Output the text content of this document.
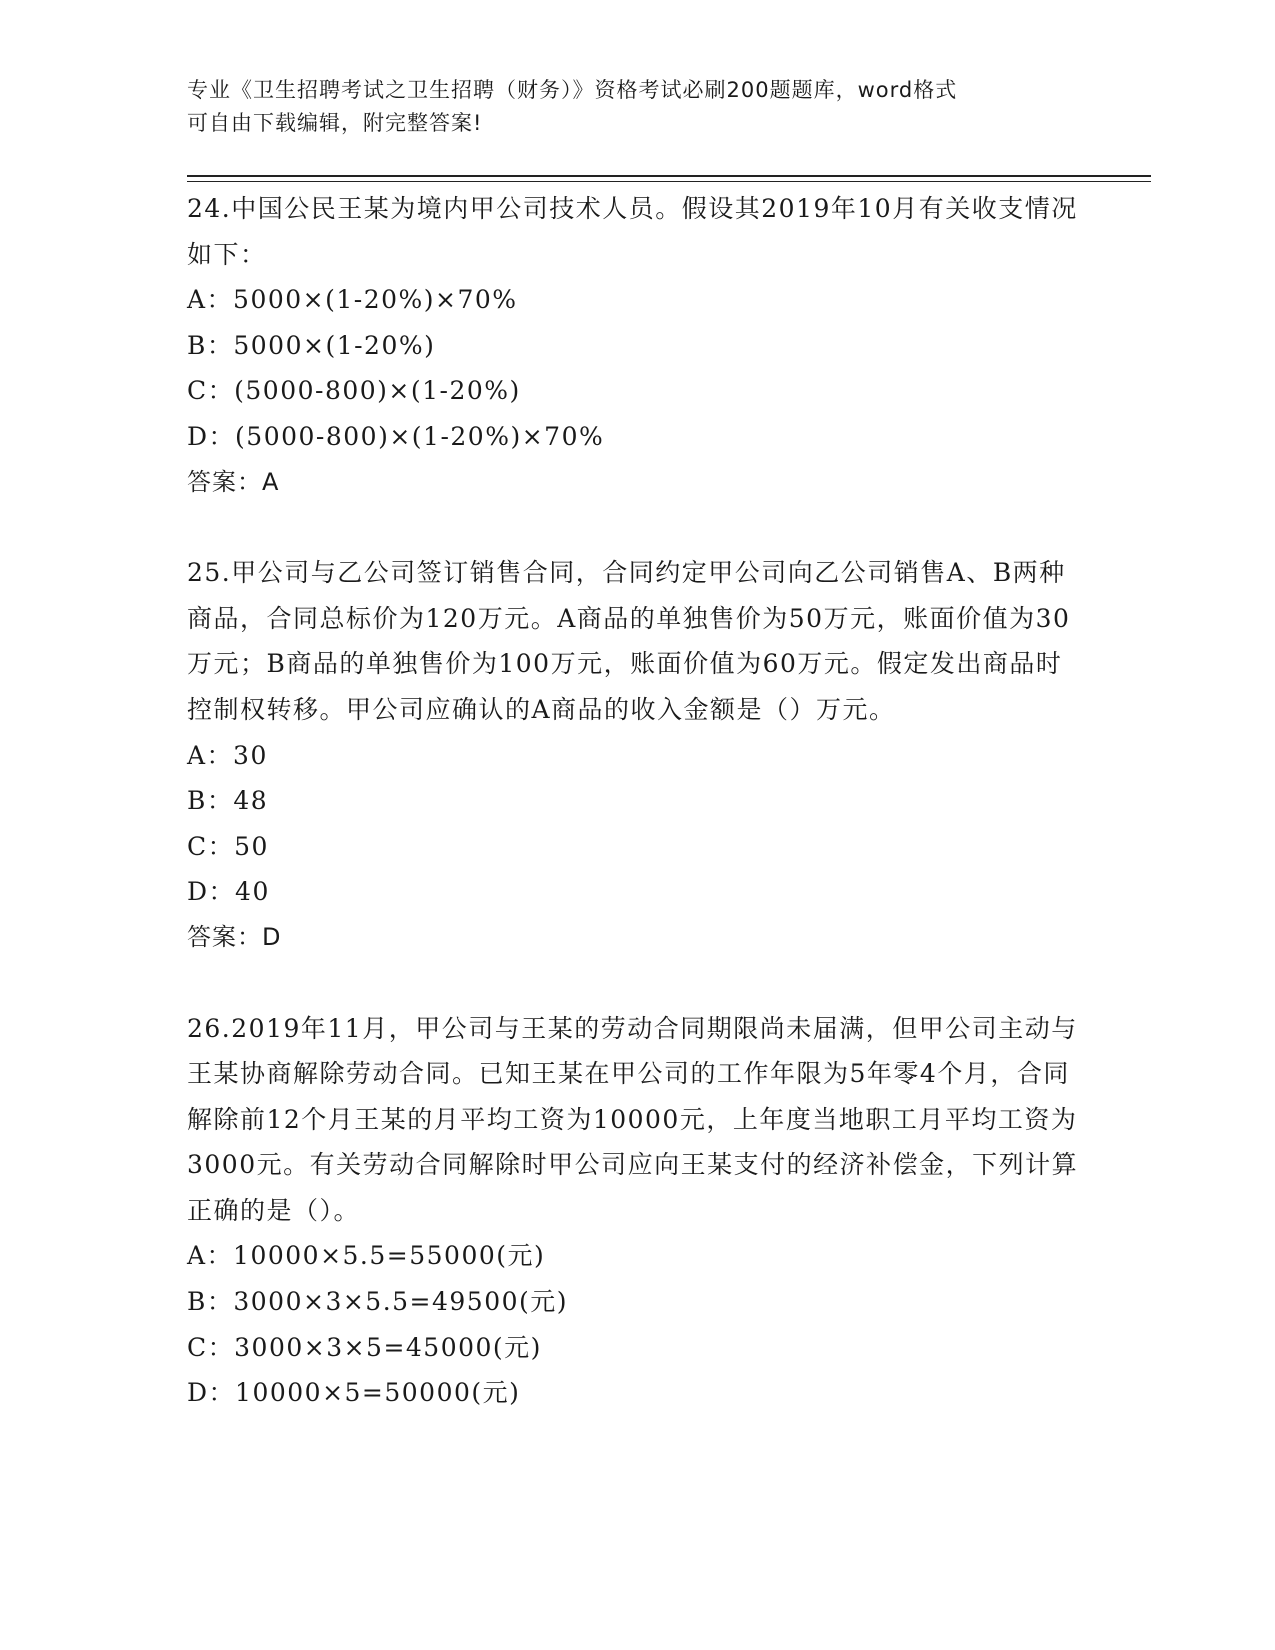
专业《卫生招聘考试之卫生招聘（财务）》资格考试必刷200题题库，word格式
可自由下载编辑，附完整答案!

24.中国公民王某为境内甲公司技术人员。假设其2019年10月有关收支情况如下：

A：5000×(1-20%)×70%

B：5000×(1-20%)

C：(5000-800)×(1-20%)

D：(5000-800)×(1-20%)×70%

答案：A

25.甲公司与乙公司签订销售合同，合同约定甲公司向乙公司销售A、B两种商品，合同总标价为120万元。A商品的单独售价为50万元，账面价值为30万元；B商品的单独售价为100万元，账面价值为60万元。假定发出商品时控制权转移。甲公司应确认的A商品的收入金额是（）万元。

A：30

B：48

C：50

D：40

答案：D

26.2019年11月，甲公司与王某的劳动合同期限尚未届满，但甲公司主动与王某协商解除劳动合同。已知王某在甲公司的工作年限为5年零4个月，合同解除前12个月王某的月平均工资为10000元，上年度当地职工月平均工资为3000元。有关劳动合同解除时甲公司应向王某支付的经济补偿金，下列计算正确的是（）。

A：10000×5.5=55000(元)

B：3000×3×5.5=49500(元)

C：3000×3×5=45000(元)

D：10000×5=50000(元)
